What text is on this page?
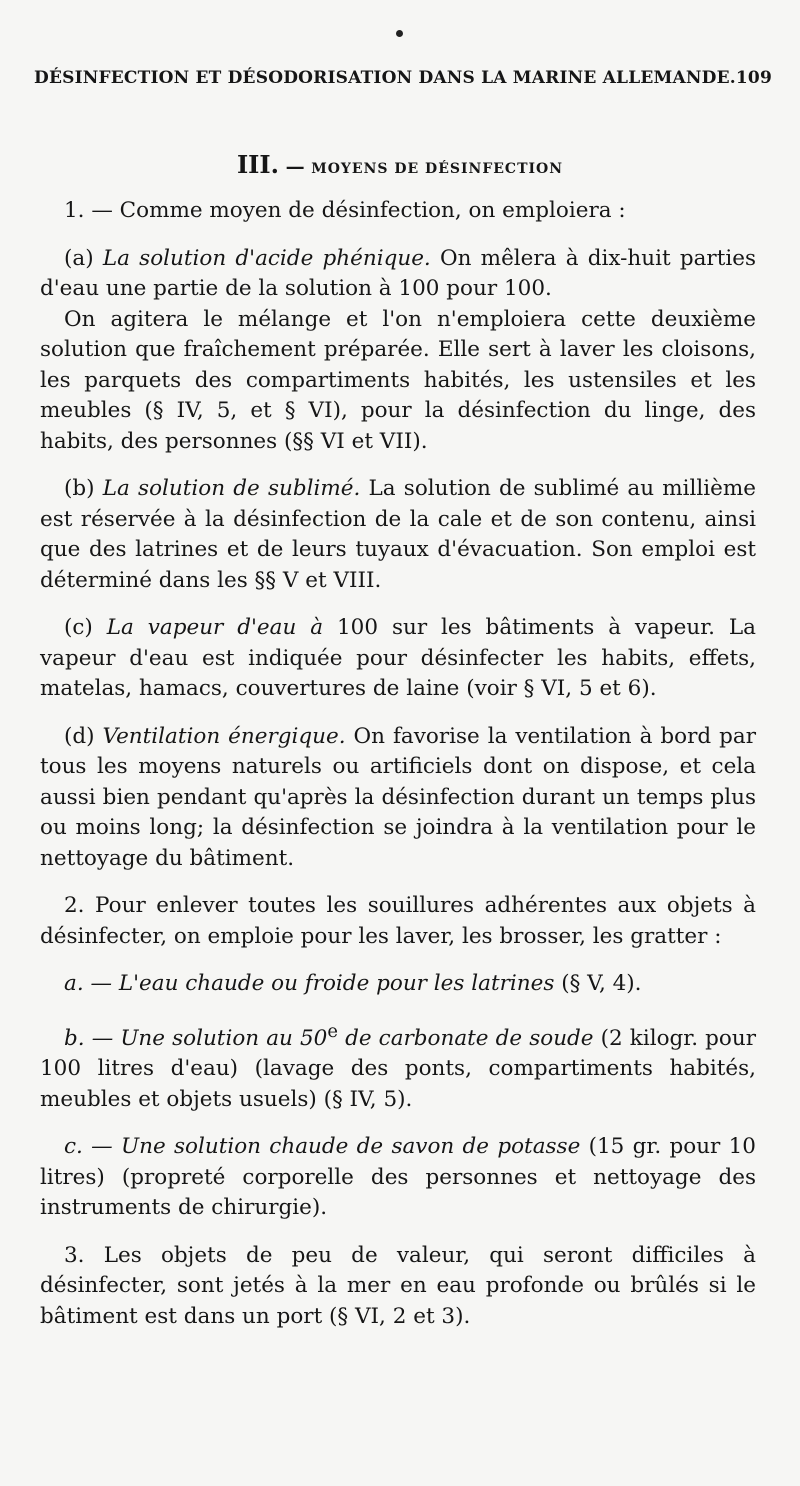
DÉSINFECTION ET DÉSODORISATION DANS LA MARINE ALLEMANDE. 109
III. — MOYENS DE DÉSINFECTION

1. — Comme moyen de désinfection, on emploiera :

(a) La solution d'acide phénique. On mêlera à dix-huit parties d'eau une partie de la solution à 100 pour 100.

On agitera le mélange et l'on n'emploiera cette deuxième solution que fraîchement préparée. Elle sert à laver les cloisons, les parquets des compartiments habités, les ustensiles et les meubles (§ IV, 5, et § VI), pour la désinfection du linge, des habits, des personnes (§§ VI et VII).

(b) La solution de sublimé. La solution de sublimé au millième est réservée à la désinfection de la cale et de son contenu, ainsi que des latrines et de leurs tuyaux d'évacuation. Son emploi est déterminé dans les §§ V et VIII.

(c) La vapeur d'eau à 100 sur les bâtiments à vapeur. La vapeur d'eau est indiquée pour désinfecter les habits, effets, matelas, hamacs, couvertures de laine (voir § VI, 5 et 6).

(d) Ventilation énergique. On favorise la ventilation à bord par tous les moyens naturels ou artificiels dont on dispose, et cela aussi bien pendant qu'après la désinfection durant un temps plus ou moins long; la désinfection se joindra à la ventilation pour le nettoyage du bâtiment.

2. Pour enlever toutes les souillures adhérentes aux objets à désinfecter, on emploie pour les laver, les brosser, les gratter :

a. — L'eau chaude ou froide pour les latrines (§ V, 4).

b. — Une solution au 50e de carbonate de soude (2 kilogr. pour 100 litres d'eau) (lavage des ponts, compartiments habités, meubles et objets usuels) (§ IV, 5).

c. — Une solution chaude de savon de potasse (15 gr. pour 10 litres) (propreté corporelle des personnes et nettoyage des instruments de chirurgie).

3. Les objets de peu de valeur, qui seront difficiles à désinfecter, sont jetés à la mer en eau profonde ou brûlés si le bâtiment est dans un port (§ VI, 2 et 3).
